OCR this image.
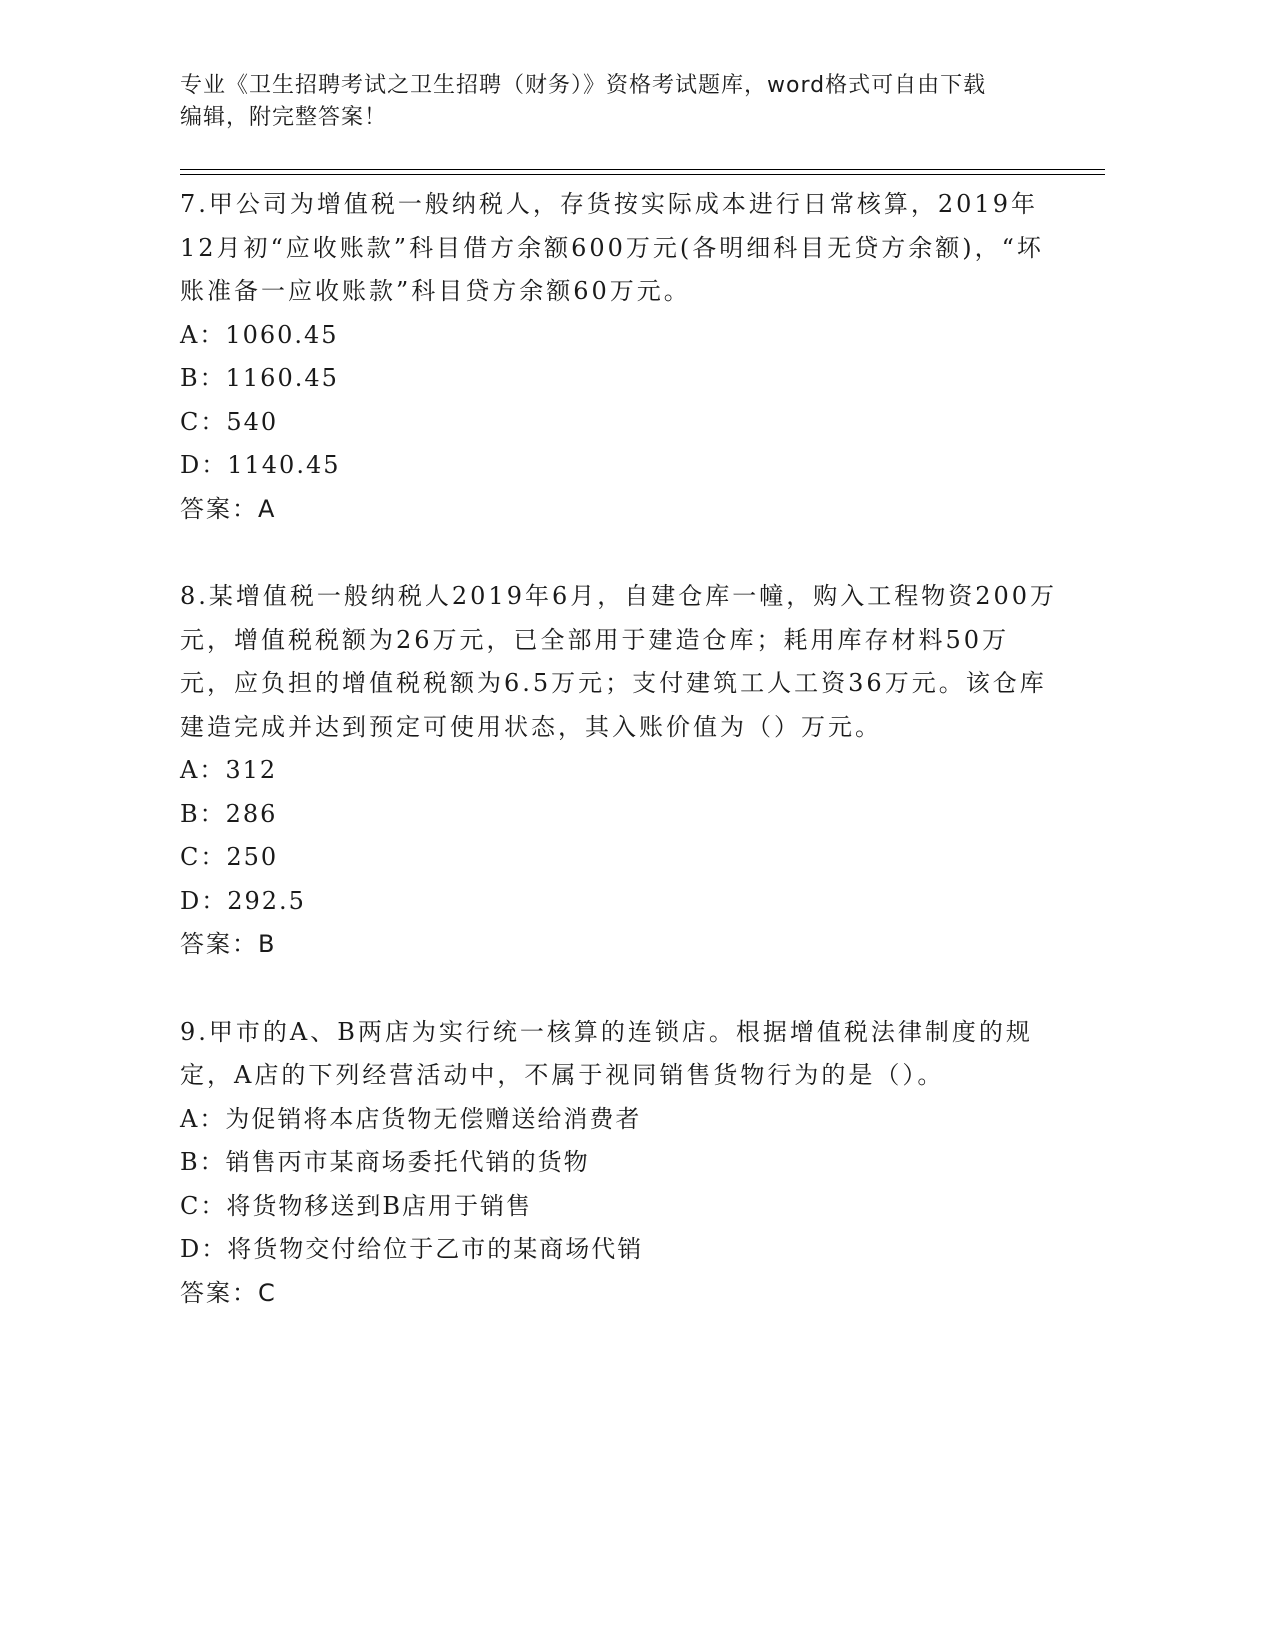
专业《卫生招聘考试之卫生招聘（财务）》资格考试题库，word格式可自由下载
编辑，附完整答案！

7.甲公司为增值税一般纳税人，存货按实际成本进行日常核算，2019年12月初“应收账款”科目借方余额600万元(各明细科目无贷方余额)，“坏账准备一应收账款”科目贷方余额60万元。

A：1060.45

B：1160.45

C：540

D：1140.45

答案：A

8.某增值税一般纳税人2019年6月，自建仓库一幢，购入工程物资200万元，增值税税额为26万元，已全部用于建造仓库；耗用库存材料50万元，应负担的增值税税额为6.5万元；支付建筑工人工资36万元。该仓库建造完成并达到预定可使用状态，其入账价值为（）万元。

A：312

B：286

C：250

D：292.5

答案：B

9.甲市的A、B两店为实行统一核算的连锁店。根据增值税法律制度的规定，A店的下列经营活动中，不属于视同销售货物行为的是（）。

A：为促销将本店货物无偿赠送给消费者

B：销售丙市某商场委托代销的货物

C：将货物移送到B店用于销售

D：将货物交付给位于乙市的某商场代销

答案：C
